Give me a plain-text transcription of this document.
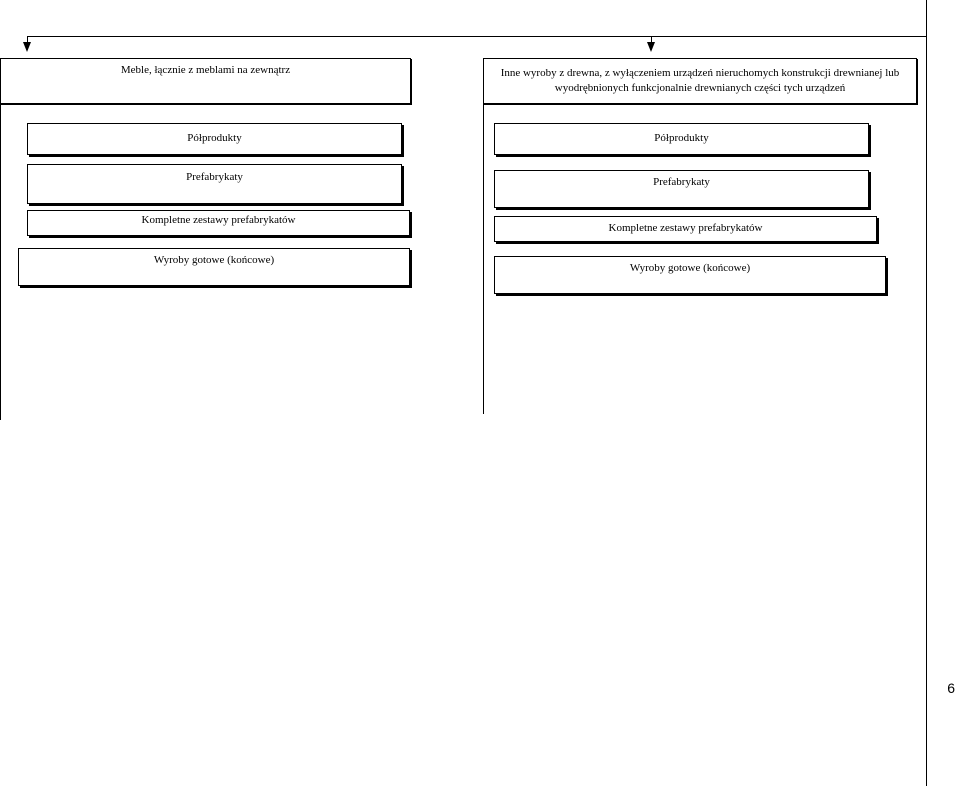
Meble, łącznie z meblami na zewnątrz	Inne wyroby z drewna, z wyłączeniem urządzeń nieruchomych konstrukcji drewnianej lub wyodrębnionych funkcjonalnie drewnianych części tych urządzeń
Półprodukty
Prefabrykaty
Kompletne zestawy prefabrykatów
Wyroby gotowe (końcowe)
Półprodukty
Prefabrykaty
Kompletne zestawy prefabrykatów
Wyroby gotowe (końcowe)
6
